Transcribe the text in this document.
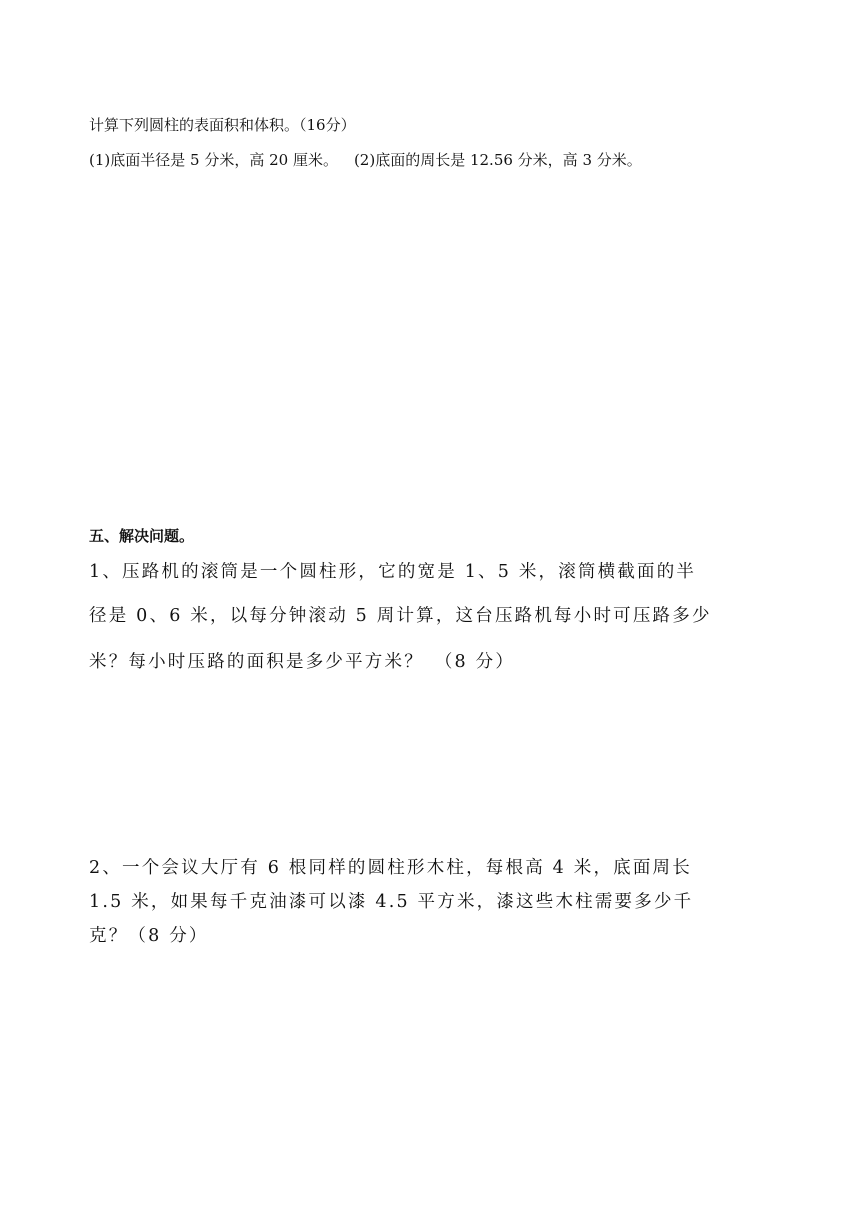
计算下列圆柱的表面积和体积。（16分）

(1)底面半径是 5 分米，高 20 厘米。 (2)底面的周长是 12.56 分米，高 3 分米。

五、解决问题。

1、压路机的滚筒是一个圆柱形，它的宽是 1、5 米，滚筒横截面的半

径是 0、6 米，以每分钟滚动 5 周计算，这台压路机每小时可压路多少

米？每小时压路的面积是多少平方米？　（8 分）

2、一个会议大厅有 6 根同样的圆柱形木柱，每根高 4 米，底面周长

1.5 米，如果每千克油漆可以漆 4.5 平方米，漆这些木柱需要多少千

克？（8 分）
